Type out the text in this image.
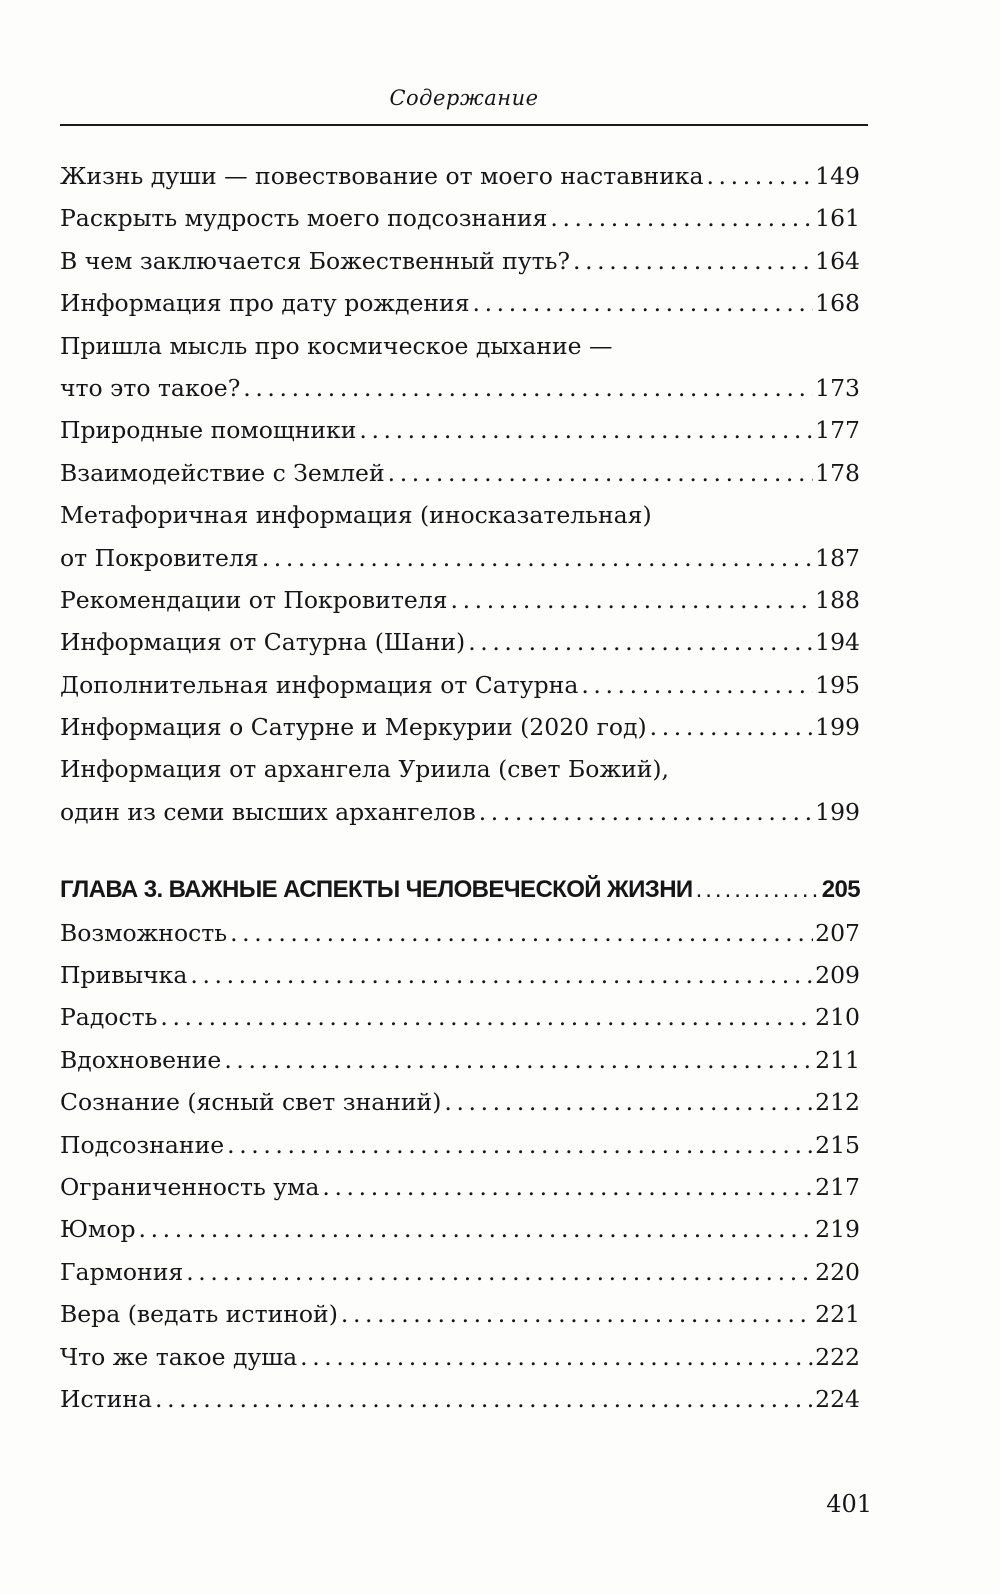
Содержание
Жизнь души — повествование от моего наставника .....	149
Раскрыть мудрость моего подсознания .....	161
В чем заключается Божественный путь? .....	164
Информация про дату рождения .....	168
Пришла мысль про космическое дыхание —
что это такое? .....	173
Природные помощники .....	177
Взаимодействие с Землей .....	178
Метафоричная информация (иносказательная)
от Покровителя .....	187
Рекомендации от Покровителя .....	188
Информация от Сатурна (Шани) .....	194
Дополнительная информация от Сатурна .....	195
Информация о Сатурне и Меркурии (2020 год) .....	199
Информация от архангела Уриила (свет Божий),
один из семи высших архангелов .....	199
ГЛАВА 3. ВАЖНЫЕ АСПЕКТЫ ЧЕЛОВЕЧЕСКОЙ ЖИЗНИ .....	205
Возможность .....	207
Привычка .....	209
Радость .....	210
Вдохновение .....	211
Сознание (ясный свет знаний) .....	212
Подсознание .....	215
Ограниченность ума .....	217
Юмор .....	219
Гармония .....	220
Вера (ведать истиной) .....	221
Что же такое душа .....	222
Истина .....	224
401
